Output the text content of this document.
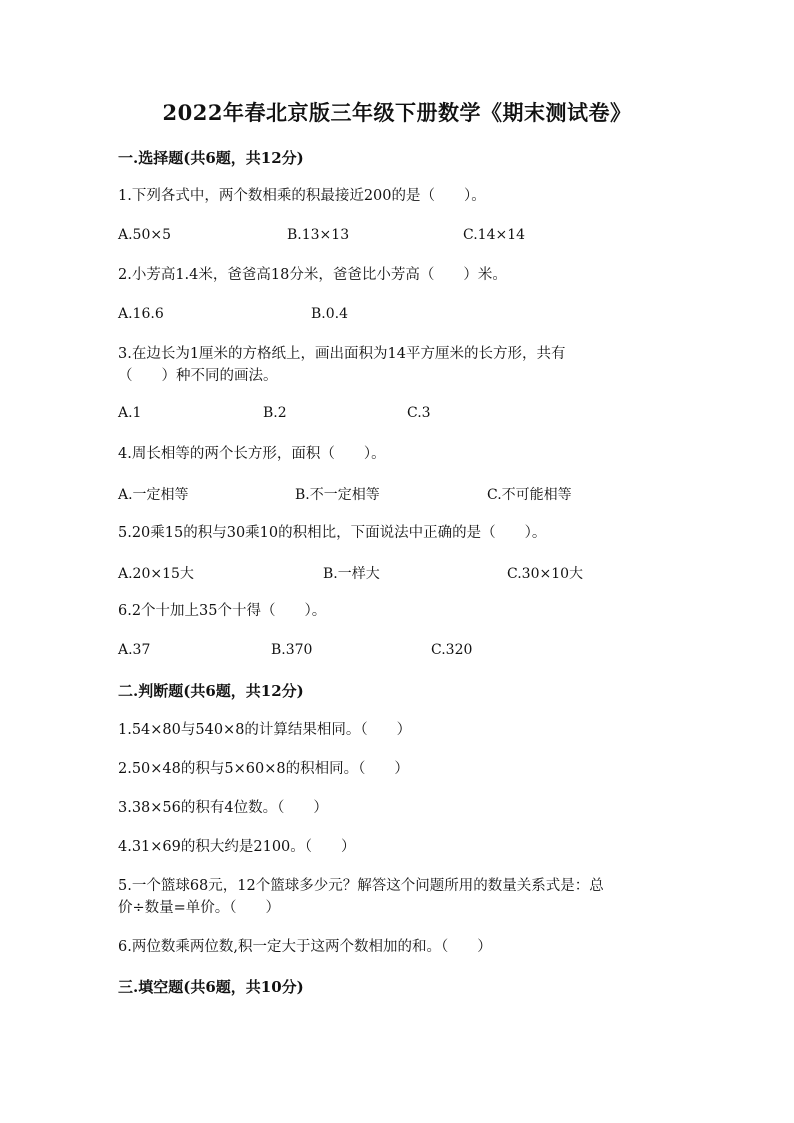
2022年春北京版三年级下册数学《期末测试卷》
一.选择题(共6题，共12分)
1.下列各式中，两个数相乘的积最接近200的是（　　）。
A.50×5	B.13×13	C.14×14
2.小芳高1.4米，爸爸高18分米，爸爸比小芳高（　　）米。
A.16.6	B.0.4
3.在边长为1厘米的方格纸上，画出面积为14平方厘米的长方形，共有
（　　）种不同的画法。
A.1	B.2	C.3
4.周长相等的两个长方形，面积（　　）。
A.一定相等	B.不一定相等	C.不可能相等
5.20乘15的积与30乘10的积相比，下面说法中正确的是（　　）。
A.20×15大	B.一样大	C.30×10大
6.2个十加上35个十得（　　）。
A.37	B.370	C.320
二.判断题(共6题，共12分)
1.54×80与540×8的计算结果相同。（　　）
2.50×48的积与5×60×8的积相同。（　　）
3.38×56的积有4位数。（　　）
4.31×69的积大约是2100。（　　）
5.一个篮球68元，12个篮球多少元？解答这个问题所用的数量关系式是：总
价÷数量=单价。（　　）
6.两位数乘两位数,积一定大于这两个数相加的和。（　　）
三.填空题(共6题，共10分)
